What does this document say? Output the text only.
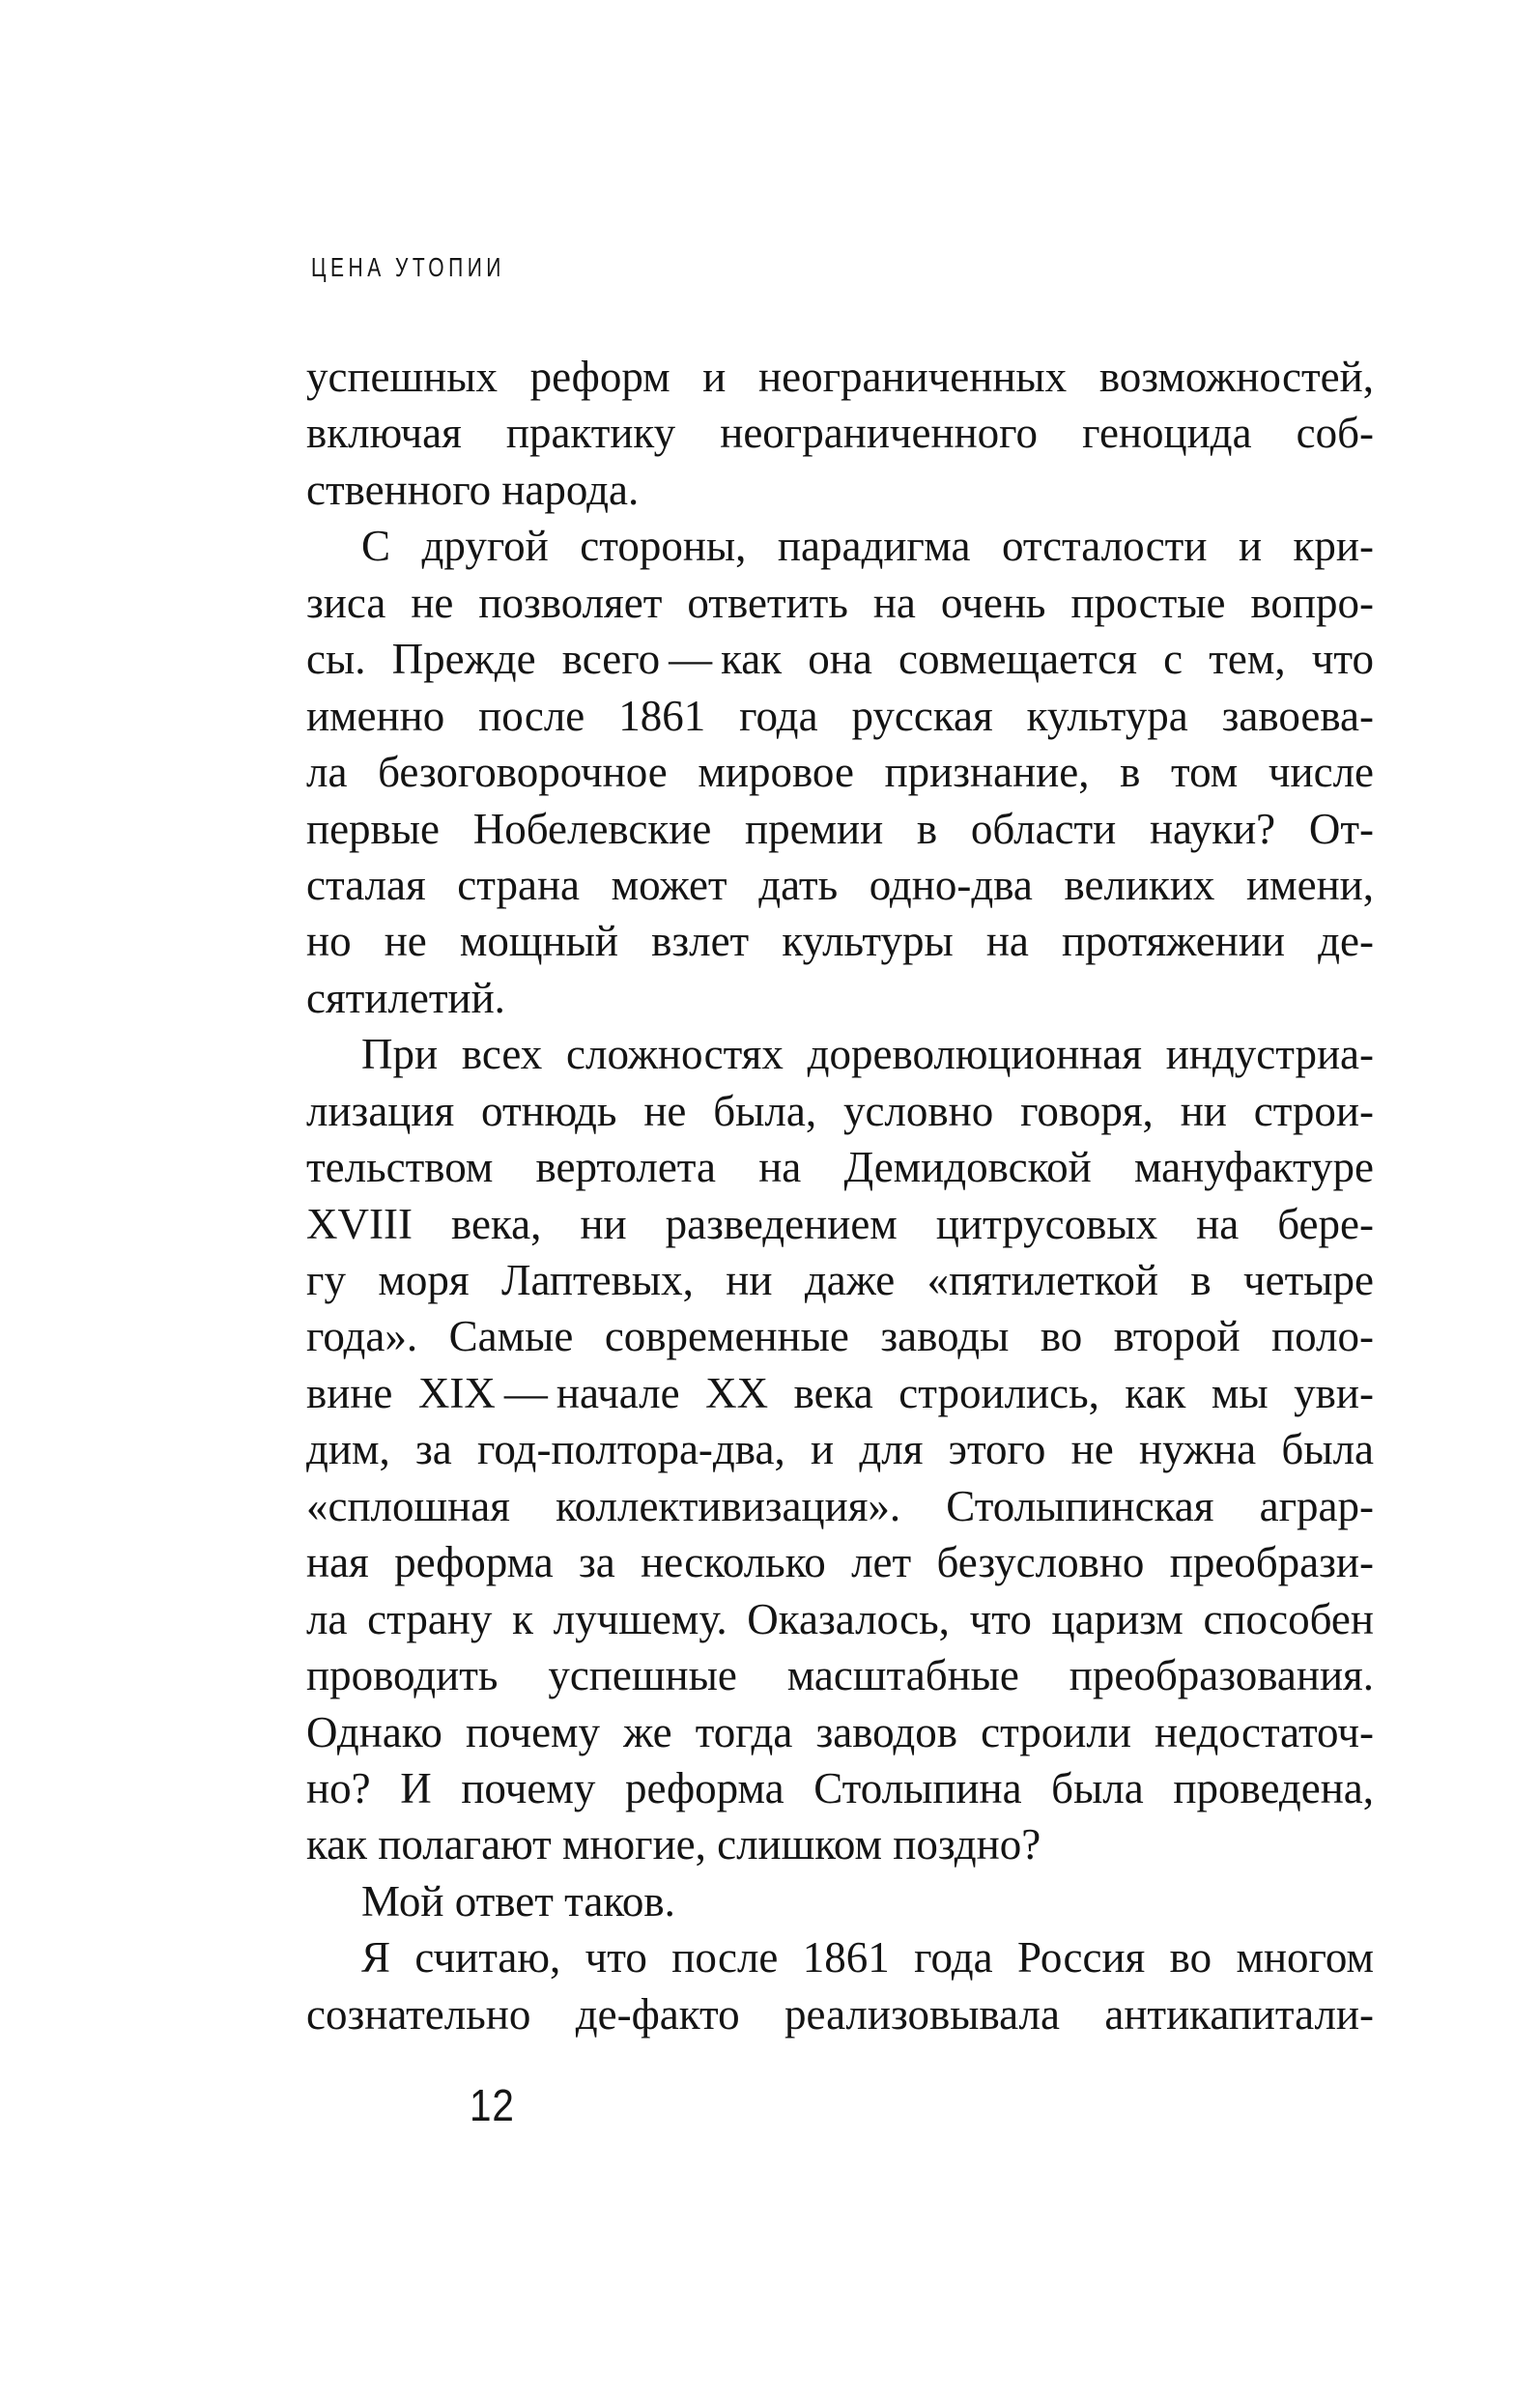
ЦЕНА УТОПИИ
успешных реформ и неограниченных возможностей,
включая практику неограниченного геноцида соб-
ственного народа.
С другой стороны, парадигма отсталости и кри-
зиса не позволяет ответить на очень простые вопро-
сы. Прежде всего — как она совмещается с тем, что
именно после 1861 года русская культура завоева-
ла безоговорочное мировое признание, в том числе
первые Нобелевские премии в области науки? От-
сталая страна может дать одно-два великих имени,
но не мощный взлет культуры на протяжении де-
сятилетий.
При всех сложностях дореволюционная индустриа-
лизация отнюдь не была, условно говоря, ни строи-
тельством вертолета на Демидовской мануфактуре
XVIII века, ни разведением цитрусовых на бере-
гу моря Лаптевых, ни даже «пятилеткой в четыре
года». Самые современные заводы во второй поло-
вине XIX — начале XX века строились, как мы уви-
дим, за год-полтора-два, и для этого не нужна была
«сплошная коллективизация». Столыпинская аграр-
ная реформа за несколько лет безусловно преобрази-
ла страну к лучшему. Оказалось, что царизм способен
проводить успешные масштабные преобразования.
Однако почему же тогда заводов строили недостаточ-
но? И почему реформа Столыпина была проведена,
как полагают многие, слишком поздно?
Мой ответ таков.
Я считаю, что после 1861 года Россия во многом
сознательно де-факто реализовывала антикапитали-
12
